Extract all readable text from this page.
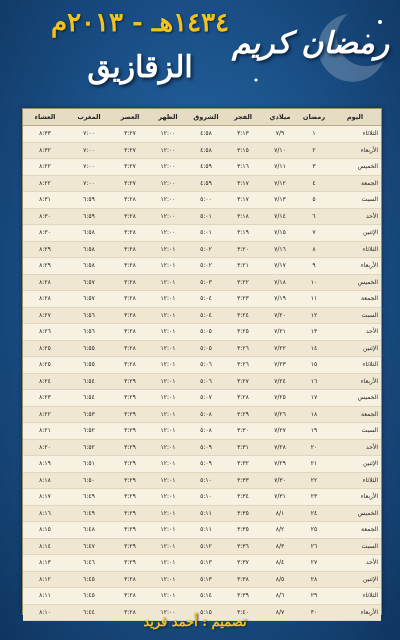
١٤٣٤هـ - ٢٠١٣م
الزقازيق
رمضان كريم
اليوم	رمضان	ميلادي	الفجر	الشروق	الظهر	العصر	المغرب	العشاء
الثلاثاء	١	٧/٩	٣:١٣	٤:٥٨	١٢:٠٠	٣:٢٧	٧:٠٠	٨:٣٣
الأربعاء	٢	٧/١٠	٣:١٥	٤:٥٨	١٢:٠٠	٣:٢٧	٧:٠٠	٨:٣٢
الخميس	٣	٧/١١	٣:١٦	٤:٥٩	١٢:٠٠	٣:٢٧	٧:٠٠	٨:٢٢
الجمعة	٤	٧/١٢	٣:١٧	٤:٥٩	١٢:٠٠	٣:٢٧	٧:٠٠	٨:٢٢
السبت	٥	٧/١٣	٣:١٧	٥:٠٠	١٢:٠٠	٣:٢٨	٦:٥٩	٨:٣١
الأحد	٦	٧/١٤	٣:١٨	٥:٠١	١٢:٠٠	٣:٢٨	٦:٥٩	٨:٣٠
الإثنين	٧	٧/١٥	٣:١٩	٥:٠١	١٢:٠٠	٣:٢٨	٦:٥٨	٨:٣٠
الثلاثاء	٨	٧/١٦	٣:٢٠	٥:٠٢	١٢:٠١	٣:٢٨	٦:٥٨	٨:٢٩
الأربعاء	٩	٧/١٧	٣:٢١	٥:٠٢	١٢:٠١	٣:٢٨	٦:٥٨	٨:٢٩
الخميس	١٠	٧/١٨	٣:٢٢	٥:٠٣	١٢:٠١	٣:٢٨	٦:٥٧	٨:٢٨
الجمعة	١١	٧/١٩	٣:٢٣	٥:٠٤	١٢:٠١	٣:٢٨	٦:٥٧	٨:٢٨
السبت	١٢	٧/٢٠	٣:٢٤	٥:٠٤	١٢:٠١	٣:٢٨	٦:٥٦	٨:٢٧
الأحد	١٣	٧/٢١	٣:٢٥	٥:٠٥	١٢:٠١	٣:٢٨	٦:٥٦	٨:٢٦
الإثنين	١٤	٧/٢٢	٣:٢٦	٥:٠٥	١٢:٠١	٣:٢٨	٦:٥٥	٨:٢٥
الثلاثاء	١٥	٧/٢٣	٣:٢٦	٥:٠٦	١٢:٠١	٣:٢٨	٦:٥٥	٨:٢٥
الأربعاء	١٦	٧/٢٤	٣:٢٧	٥:٠٦	١٢:٠١	٣:٢٩	٦:٥٤	٨:٢٤
الخميس	١٧	٧/٢٥	٣:٢٨	٥:٠٧	١٢:٠١	٣:٢٩	٦:٥٤	٨:٢٣
الجمعة	١٨	٧/٢٦	٣:٢٩	٥:٠٨	١٢:٠١	٣:٢٩	٦:٥٣	٨:٢٢
السبت	١٩	٧/٢٧	٣:٣٠	٥:٠٨	١٢:٠١	٣:٢٩	٦:٥٢	٨:٢١
الأحد	٢٠	٧/٢٨	٣:٣١	٥:٠٩	١٢:٠١	٣:٢٩	٦:٥٢	٨:٢٠
الإثنين	٢١	٧/٢٩	٣:٣٢	٥:٠٩	١٢:٠١	٣:٢٩	٦:٥١	٨:١٩
الثلاثاء	٢٢	٧/٣٠	٣:٣٣	٥:١٠	١٢:٠١	٣:٢٩	٦:٥٠	٨:١٨
الأربعاء	٢٣	٧/٣١	٣:٣٤	٥:١٠	١٢:٠١	٣:٢٩	٦:٤٩	٨:١٧
الخميس	٢٤	٨/١	٣:٣٥	٥:١١	١٢:٠١	٣:٢٩	٦:٤٩	٨:١٦
الجمعة	٢٥	٨/٢	٣:٣٥	٥:١١	١٢:٠١	٣:٢٩	٦:٤٨	٨:١٥
السبت	٢٦	٨/٣	٣:٣٦	٥:١٢	١٢:٠١	٣:٢٩	٦:٤٧	٨:١٤
الأحد	٢٧	٨/٤	٣:٣٧	٥:١٣	١٢:٠١	٣:٢٩	٦:٤٦	٨:١٣
الإثنين	٢٨	٨/٥	٣:٣٨	٥:١٣	١٢:٠١	٣:٢٨	٦:٤٥	٨:١٢
الثلاثاء	٢٩	٨/٦	٣:٣٩	٥:١٤	١٢:٠١	٣:٢٨	٦:٤٥	٨:١١
الأربعاء	٣٠	٨/٧	٣:٤٠	٥:١٥	١٢:٠٠	٣:٢٨	٦:٤٤	٨:١٠
تصميم : أحمد فريد
